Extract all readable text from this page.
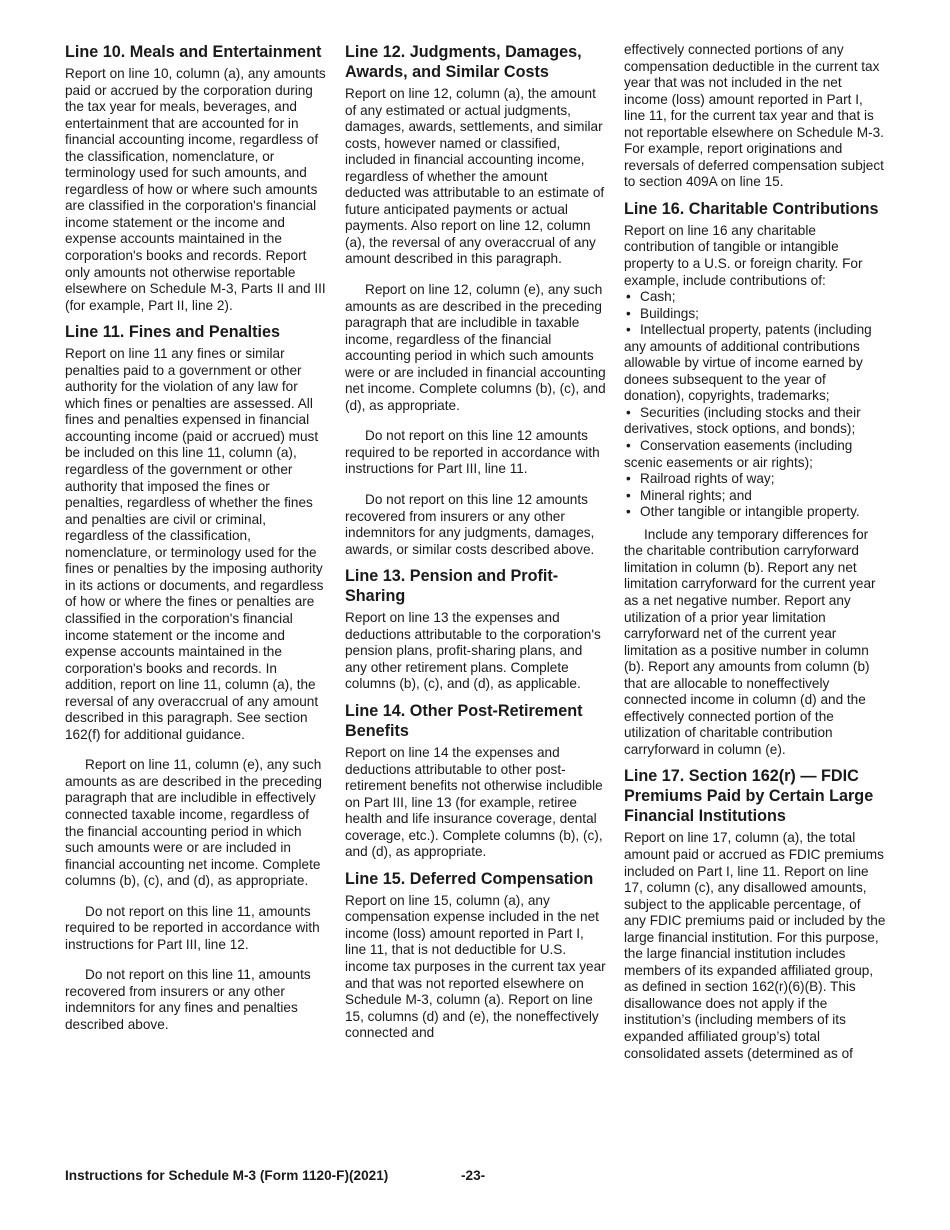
Line 10. Meals and Entertainment

Report on line 10, column (a), any amounts paid or accrued by the corporation during the tax year for meals, beverages, and entertainment that are accounted for in financial accounting income, regardless of the classification, nomenclature, or terminology used for such amounts, and regardless of how or where such amounts are classified in the corporation's financial income statement or the income and expense accounts maintained in the corporation's books and records. Report only amounts not otherwise reportable elsewhere on Schedule M-3, Parts II and III (for example, Part II, line 2).

Line 11. Fines and Penalties

Report on line 11 any fines or similar penalties paid to a government or other authority for the violation of any law for which fines or penalties are assessed. All fines and penalties expensed in financial accounting income (paid or accrued) must be included on this line 11, column (a), regardless of the government or other authority that imposed the fines or penalties, regardless of whether the fines and penalties are civil or criminal, regardless of the classification, nomenclature, or terminology used for the fines or penalties by the imposing authority in its actions or documents, and regardless of how or where the fines or penalties are classified in the corporation's financial income statement or the income and expense accounts maintained in the corporation's books and records. In addition, report on line 11, column (a), the reversal of any overaccrual of any amount described in this paragraph. See section 162(f) for additional guidance.

Report on line 11, column (e), any such amounts as are described in the preceding paragraph that are includible in effectively connected taxable income, regardless of the financial accounting period in which such amounts were or are included in financial accounting net income. Complete columns (b), (c), and (d), as appropriate.

Do not report on this line 11, amounts required to be reported in accordance with instructions for Part III, line 12.

Do not report on this line 11, amounts recovered from insurers or any other indemnitors for any fines and penalties described above.

Line 12. Judgments, Damages, Awards, and Similar Costs

Report on line 12, column (a), the amount of any estimated or actual judgments, damages, awards, settlements, and similar costs, however named or classified, included in financial accounting income, regardless of whether the amount deducted was attributable to an estimate of future anticipated payments or actual payments. Also report on line 12, column (a), the reversal of any overaccrual of any amount described in this paragraph.

Report on line 12, column (e), any such amounts as are described in the preceding paragraph that are includible in taxable income, regardless of the financial accounting period in which such amounts were or are included in financial accounting net income. Complete columns (b), (c), and (d), as appropriate.

Do not report on this line 12 amounts required to be reported in accordance with instructions for Part III, line 11.

Do not report on this line 12 amounts recovered from insurers or any other indemnitors for any judgments, damages, awards, or similar costs described above.

Line 13. Pension and Profit-Sharing

Report on line 13 the expenses and deductions attributable to the corporation's pension plans, profit-sharing plans, and any other retirement plans. Complete columns (b), (c), and (d), as applicable.

Line 14. Other Post-Retirement Benefits

Report on line 14 the expenses and deductions attributable to other post-retirement benefits not otherwise includible on Part III, line 13 (for example, retiree health and life insurance coverage, dental coverage, etc.). Complete columns (b), (c), and (d), as appropriate.

Line 15. Deferred Compensation

Report on line 15, column (a), any compensation expense included in the net income (loss) amount reported in Part I, line 11, that is not deductible for U.S. income tax purposes in the current tax year and that was not reported elsewhere on Schedule M-3, column (a). Report on line 15, columns (d) and (e), the noneffectively connected and

effectively connected portions of any compensation deductible in the current tax year that was not included in the net income (loss) amount reported in Part I, line 11, for the current tax year and that is not reportable elsewhere on Schedule M-3. For example, report originations and reversals of deferred compensation subject to section 409A on line 15.

Line 16. Charitable Contributions

Report on line 16 any charitable contribution of tangible or intangible property to a U.S. or foreign charity. For example, include contributions of:

• Cash;
• Buildings;
• Intellectual property, patents (including any amounts of additional contributions allowable by virtue of income earned by donees subsequent to the year of donation), copyrights, trademarks;
• Securities (including stocks and their derivatives, stock options, and bonds);
• Conservation easements (including scenic easements or air rights);
• Railroad rights of way;
• Mineral rights; and
• Other tangible or intangible property.

Include any temporary differences for the charitable contribution carryforward limitation in column (b). Report any net limitation carryforward for the current year as a net negative number. Report any utilization of a prior year limitation carryforward net of the current year limitation as a positive number in column (b). Report any amounts from column (b) that are allocable to noneffectively connected income in column (d) and the effectively connected portion of the utilization of charitable contribution carryforward in column (e).

Line 17. Section 162(r) — FDIC Premiums Paid by Certain Large Financial Institutions

Report on line 17, column (a), the total amount paid or accrued as FDIC premiums included on Part I, line 11. Report on line 17, column (c), any disallowed amounts, subject to the applicable percentage, of any FDIC premiums paid or included by the large financial institution. For this purpose, the large financial institution includes members of its expanded affiliated group, as defined in section 162(r)(6)(B). This disallowance does not apply if the institution’s (including members of its expanded affiliated group’s) total consolidated assets (determined as of

Instructions for Schedule M-3 (Form 1120-F)(2021)	-23-
